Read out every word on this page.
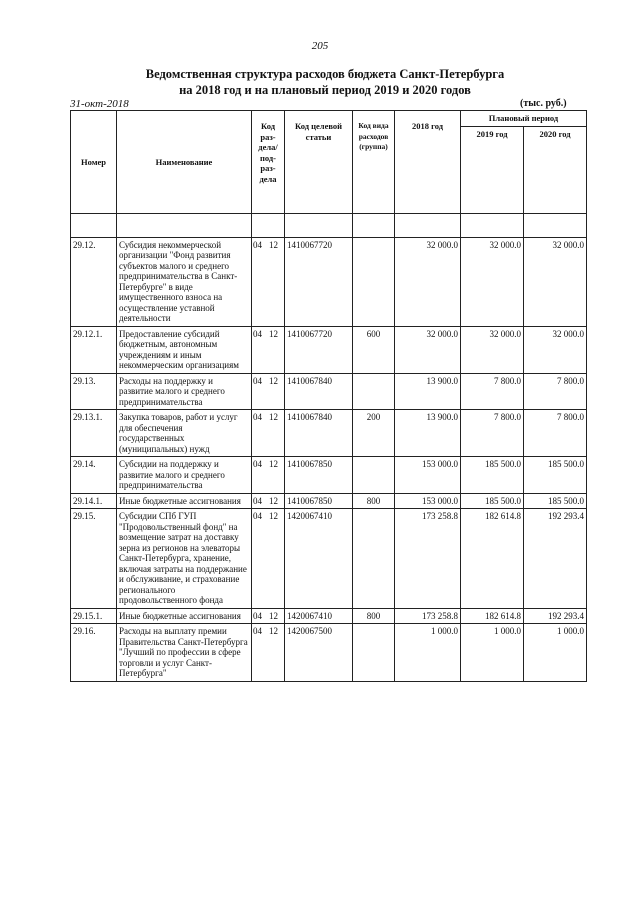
205
Ведомственная структура расходов бюджета Санкт-Петербурга
на 2018 год и на плановый период 2019 и 2020 годов
31-окт-2018	(тыс. руб.)
Номер	Наименование	Код раз- дела/ под- раз- дела	Код целевой статьи	Код вида расходов (группа)	2018 год	Плановый период	
						2019 год	2020 год

29.12.	Субсидия некоммерческой организации "Фонд развития субъектов малого и среднего предпринимательства в Санкт-Петербурге" в виде имущественного взноса на осуществление уставной деятельности	04 12	1410067720		32 000.0	32 000.0	32 000.0
29.12.1.	Предоставление субсидий бюджетным, автономным учреждениям и иным некоммерческим организациям	04 12	1410067720	600	32 000.0	32 000.0	32 000.0
29.13.	Расходы на поддержку и развитие малого и среднего предпринимательства	04 12	1410067840		13 900.0	7 800.0	7 800.0
29.13.1.	Закупка товаров, работ и услуг для обеспечения государственных (муниципальных) нужд	04 12	1410067840	200	13 900.0	7 800.0	7 800.0
29.14.	Субсидии на поддержку и развитие малого и среднего предпринимательства	04 12	1410067850		153 000.0	185 500.0	185 500.0
29.14.1.	Иные бюджетные ассигнования	04 12	1410067850	800	153 000.0	185 500.0	185 500.0
29.15.	Субсидии СПб ГУП "Продовольственный фонд" на возмещение затрат на доставку зерна из регионов на элеваторы Санкт-Петербурга, хранение, включая затраты на поддержание и обслуживание, и страхование регионального продовольственного фонда	04 12	1420067410		173 258.8	182 614.8	192 293.4
29.15.1.	Иные бюджетные ассигнования	04 12	1420067410	800	173 258.8	182 614.8	192 293.4
29.16.	Расходы на выплату премии Правительства Санкт-Петербурга "Лучший по профессии в сфере торговли и услуг Санкт-Петербурга"	04 12	1420067500		1 000.0	1 000.0	1 000.0
